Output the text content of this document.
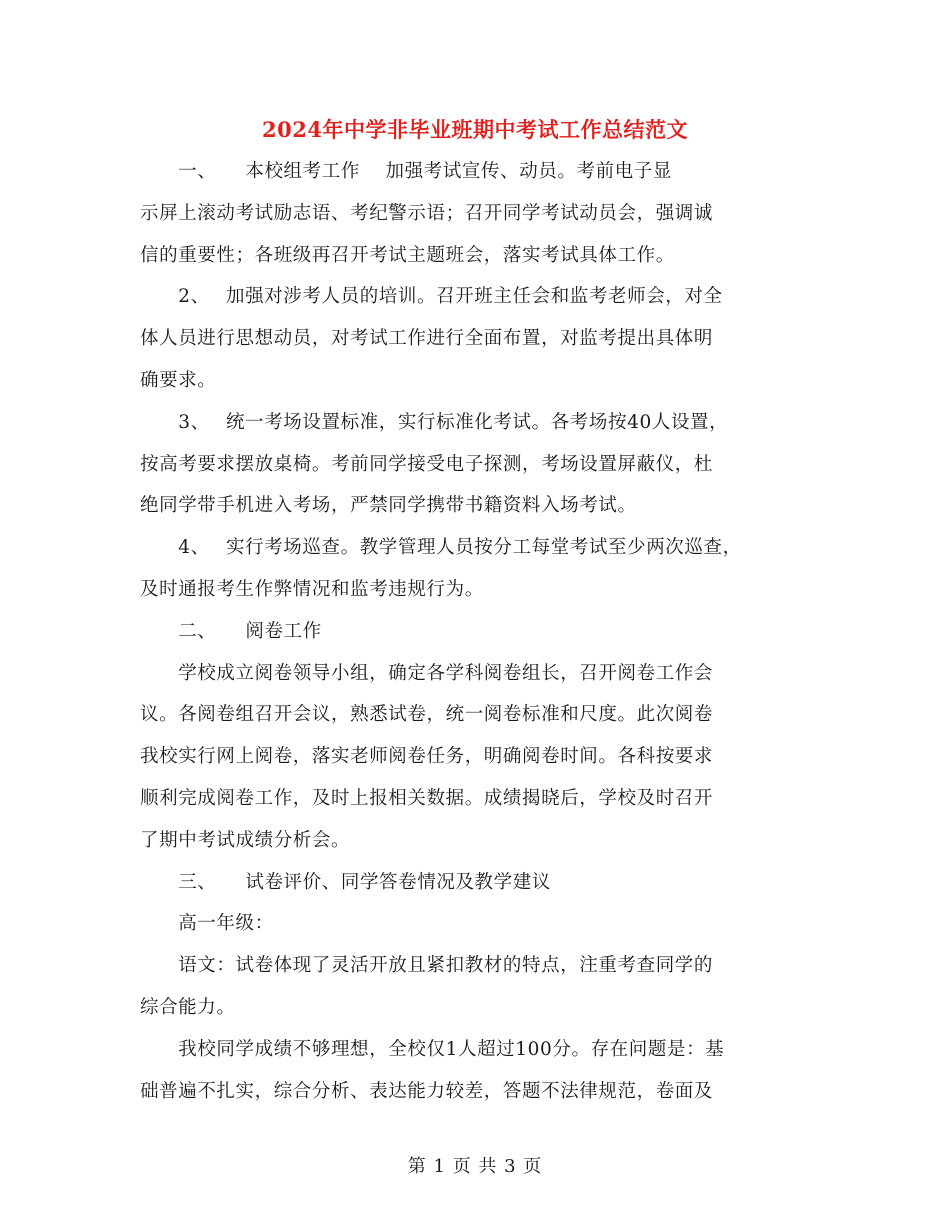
2024年中学非毕业班期中考试工作总结范文
　　一、　　本校组考工作　 加强考试宣传、动员。考前电子显
示屏上滚动考试励志语、考纪警示语；召开同学考试动员会，强调诚
信的重要性；各班级再召开考试主题班会，落实考试具体工作。
　　2、　 加强对涉考人员的培训。召开班主任会和监考老师会，对全
体人员进行思想动员，对考试工作进行全面布置，对监考提出具体明
确要求。
　　3、　 统一考场设置标准，实行标准化考试。各考场按40人设置，
按高考要求摆放桌椅。考前同学接受电子探测，考场设置屏蔽仪，杜
绝同学带手机进入考场，严禁同学携带书籍资料入场考试。
　　4、　 实行考场巡查。教学管理人员按分工每堂考试至少两次巡查，
及时通报考生作弊情况和监考违规行为。
　　二、　　阅卷工作
　　学校成立阅卷领导小组，确定各学科阅卷组长，召开阅卷工作会
议。各阅卷组召开会议，熟悉试卷，统一阅卷标准和尺度。此次阅卷
我校实行网上阅卷，落实老师阅卷任务，明确阅卷时间。各科按要求
顺利完成阅卷工作，及时上报相关数据。成绩揭晓后，学校及时召开
了期中考试成绩分析会。
　　三、　　试卷评价、同学答卷情况及教学建议
　　高一年级：
　　语文：试卷体现了灵活开放且紧扣教材的特点，注重考查同学的
综合能力。
　　我校同学成绩不够理想，全校仅1人超过100分。存在问题是：基
础普遍不扎实，综合分析、表达能力较差，答题不法律规范，卷面及
第 1 页 共 3 页
